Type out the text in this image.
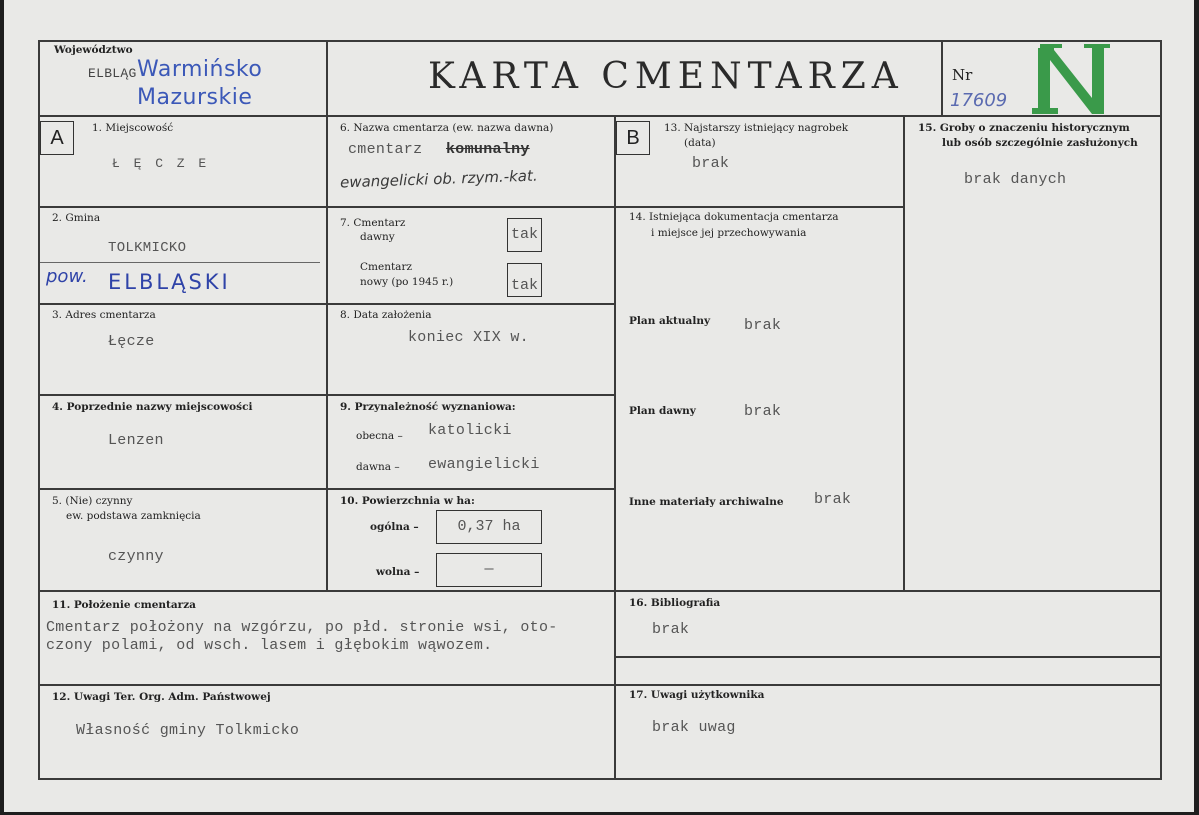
Województwo
ELBLĄG Warmińsko
Mazurskie
KARTA CMENTARZA	Nr
17609
A	1. Miejscowość
Ł Ę C Z E
2. Gmina
TOLKMICKO
pow. ELBLĄSKI
3. Adres cmentarza
Łęcze
4. Poprzednie nazwy miejscowości
Lenzen
5. (Nie) czynny
ew. podstawa zamknięcia
czynny
6. Nazwa cmentarza (ew. nazwa dawna)
cmentarz komunalny
ewangelicki ob. rzym.-kat.
7. Cmentarz
dawny	tak
Cmentarz
nowy (po 1945 r.)	tak
8. Data założenia
koniec XIX w.
9. Przynależność wyznaniowa:
obecna – katolicki
dawna – ewangielicki
10. Powierzchnia w ha:
ogólna –	0,37 ha
wolna –	—
B	13. Najstarszy istniejący nagrobek
(data)
brak
14. Istniejąca dokumentacja cmentarza
i miejsce jej przechowywania
Plan aktualny brak
Plan dawny	brak
Inne materiały archiwalne brak
15. Groby o znaczeniu historycznym
lub osób szczególnie zasłużonych
brak danych
11. Położenie cmentarza
Cmentarz położony na wzgórzu, po płd. stronie wsi, oto-
czony polami, od wsch. lasem i głębokim wąwozem.
16. Bibliografia
brak
12. Uwagi Ter. Org. Adm. Państwowej
Własność gminy Tolkmicko
17. Uwagi użytkownika
brak uwag
